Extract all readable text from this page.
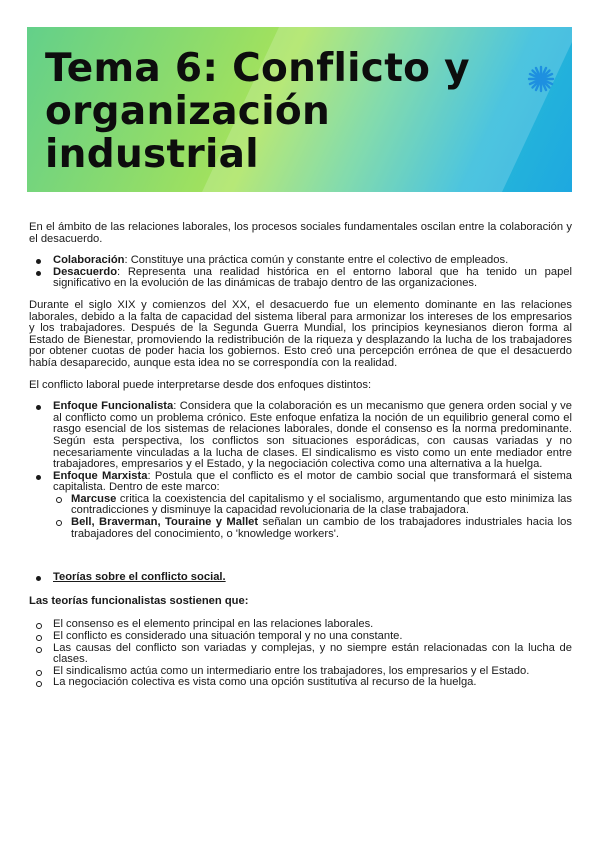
Tema 6: Conflicto y organización industrial

En el ámbito de las relaciones laborales, los procesos sociales fundamentales oscilan entre la colaboración y el desacuerdo.

Colaboración: Constituye una práctica común y constante entre el colectivo de empleados.
Desacuerdo: Representa una realidad histórica en el entorno laboral que ha tenido un papel significativo en la evolución de las dinámicas de trabajo dentro de las organizaciones.

Durante el siglo XIX y comienzos del XX, el desacuerdo fue un elemento dominante en las relaciones laborales, debido a la falta de capacidad del sistema liberal para armonizar los intereses de los empresarios y los trabajadores. Después de la Segunda Guerra Mundial, los principios keynesianos dieron forma al Estado de Bienestar, promoviendo la redistribución de la riqueza y desplazando la lucha de los trabajadores por obtener cuotas de poder hacia los gobiernos. Esto creó una percepción errónea de que el desacuerdo había desaparecido, aunque esta idea no se correspondía con la realidad.

El conflicto laboral puede interpretarse desde dos enfoques distintos:

Enfoque Funcionalista: Considera que la colaboración es un mecanismo que genera orden social y ve al conflicto como un problema crónico. Este enfoque enfatiza la noción de un equilibrio general como el rasgo esencial de los sistemas de relaciones laborales, donde el consenso es la norma predominante. Según esta perspectiva, los conflictos son situaciones esporádicas, con causas variadas y no necesariamente vinculadas a la lucha de clases. El sindicalismo es visto como un ente mediador entre trabajadores, empresarios y el Estado, y la negociación colectiva como una alternativa a la huelga.
Enfoque Marxista: Postula que el conflicto es el motor de cambio social que transformará el sistema capitalista. Dentro de este marco:
Marcuse critica la coexistencia del capitalismo y el socialismo, argumentando que esto minimiza las contradicciones y disminuye la capacidad revolucionaria de la clase trabajadora.
Bell, Braverman, Touraine y Mallet señalan un cambio de los trabajadores industriales hacia los trabajadores del conocimiento, o 'knowledge workers'.
Teorías sobre el conflicto social.

Las teorías funcionalistas sostienen que:

El consenso es el elemento principal en las relaciones laborales.
El conflicto es considerado una situación temporal y no una constante.
Las causas del conflicto son variadas y complejas, y no siempre están relacionadas con la lucha de clases.
El sindicalismo actúa como un intermediario entre los trabajadores, los empresarios y el Estado.
La negociación colectiva es vista como una opción sustitutiva al recurso de la huelga.
